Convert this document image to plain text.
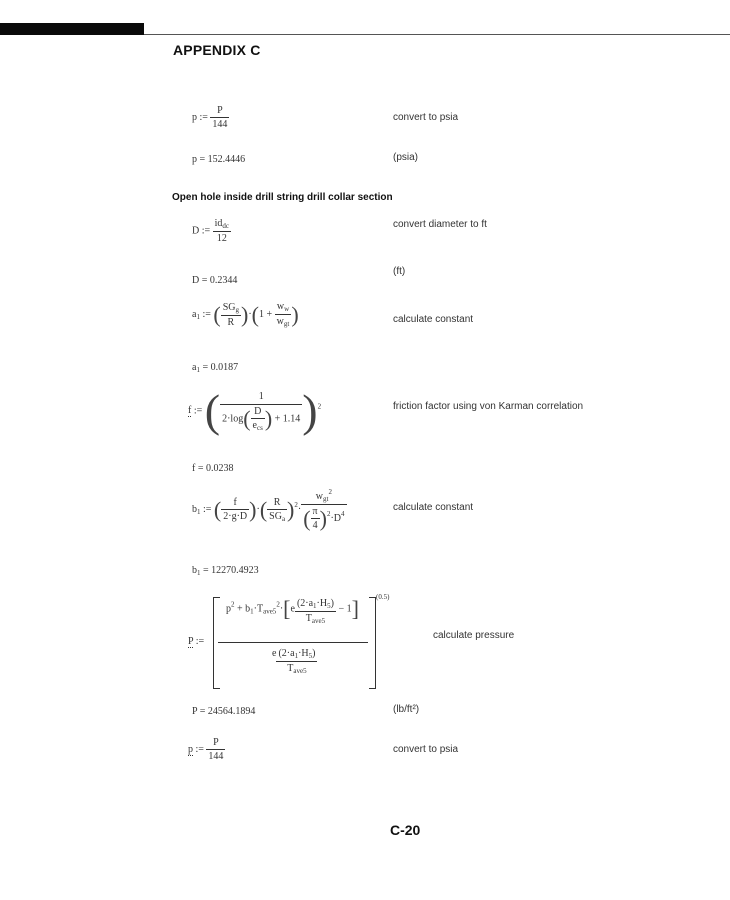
APPENDIX C
p := $\frac{P}{144}$	convert to psia
p = 152.4446	(psia)
Open hole inside drill string drill collar section
D := $\frac{id_{dc}}{12}$	convert diameter to ft
(ft)
D = 0.2344
$a_1$ := ( $\frac{SG_g}{R} )\cdot(1 + \frac{w_w}{w_{gt}}$ )	calculate constant
$a_1 = 0.0187$
f := ( $\frac{1}{2\cdot\log( \frac{D}{e_{cs}} ) + 1.14} )^2$	friction factor using von Karman correlation
f = 0.0238
$b_1$ := ( $\frac{f}{2\cdot g\cdot D}$ )·( $\frac{R}{SG_a} )^2\cdot \frac{w_{gt}^2}{( \frac{\pi}{4} )^2\cdot D^4}$	calculate constant
$b_1 = 12270.4923$
P :=
$^{(0.5)}$
$p^2 + b_1\cdot T_{ave5}^2\cdot[e \frac{(2\cdot a_1\cdot H_5)}{T_{ave5}} - 1]$
e $\frac{(2\cdot a_1\cdot H_5)}{T_{ave5}}$
calculate pressure
P = 24564.1894	(lb/ft²)
p := $\frac{P}{144}$	convert to psia
C-20
